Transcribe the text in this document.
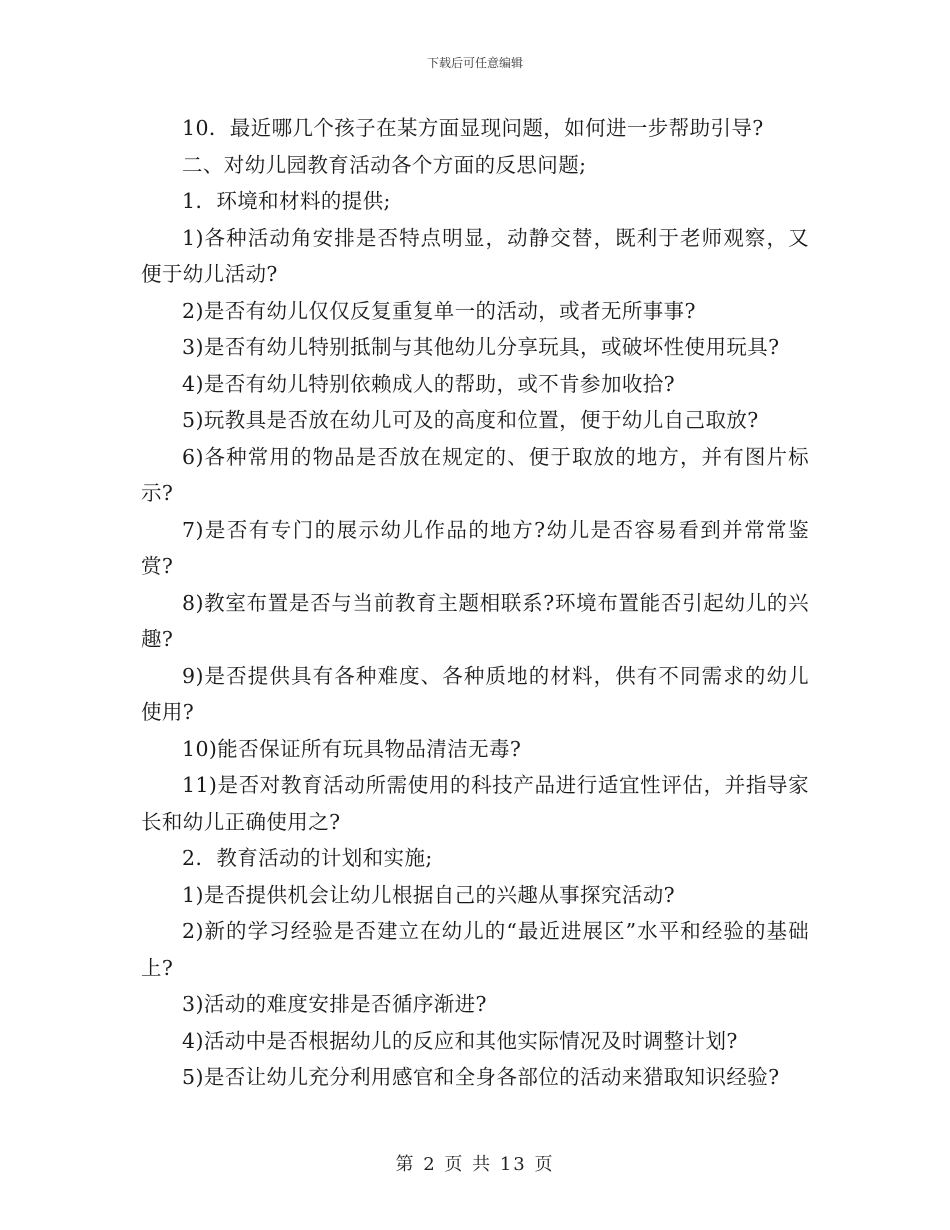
下载后可任意编辑

10．最近哪几个孩子在某方面显现问题，如何进一步帮助引导?

二、对幼儿园教育活动各个方面的反思问题;

1．环境和材料的提供;

1)各种活动角安排是否特点明显，动静交替，既利于老师观察，又便于幼儿活动?

2)是否有幼儿仅仅反复重复单一的活动，或者无所事事?

3)是否有幼儿特别抵制与其他幼儿分享玩具，或破坏性使用玩具?

4)是否有幼儿特别依赖成人的帮助，或不肯参加收拾?

5)玩教具是否放在幼儿可及的高度和位置，便于幼儿自己取放?

6)各种常用的物品是否放在规定的、便于取放的地方，并有图片标示?

7)是否有专门的展示幼儿作品的地方?幼儿是否容易看到并常常鉴赏?

8)教室布置是否与当前教育主题相联系?环境布置能否引起幼儿的兴趣?

9)是否提供具有各种难度、各种质地的材料，供有不同需求的幼儿使用?

10)能否保证所有玩具物品清洁无毒?

11)是否对教育活动所需使用的科技产品进行适宜性评估，并指导家长和幼儿正确使用之?

2．教育活动的计划和实施;

1)是否提供机会让幼儿根据自己的兴趣从事探究活动?

2)新的学习经验是否建立在幼儿的“最近进展区”水平和经验的基础上?

3)活动的难度安排是否循序渐进?

4)活动中是否根据幼儿的反应和其他实际情况及时调整计划?

5)是否让幼儿充分利用感官和全身各部位的活动来猎取知识经验?

第 2 页 共 13 页
